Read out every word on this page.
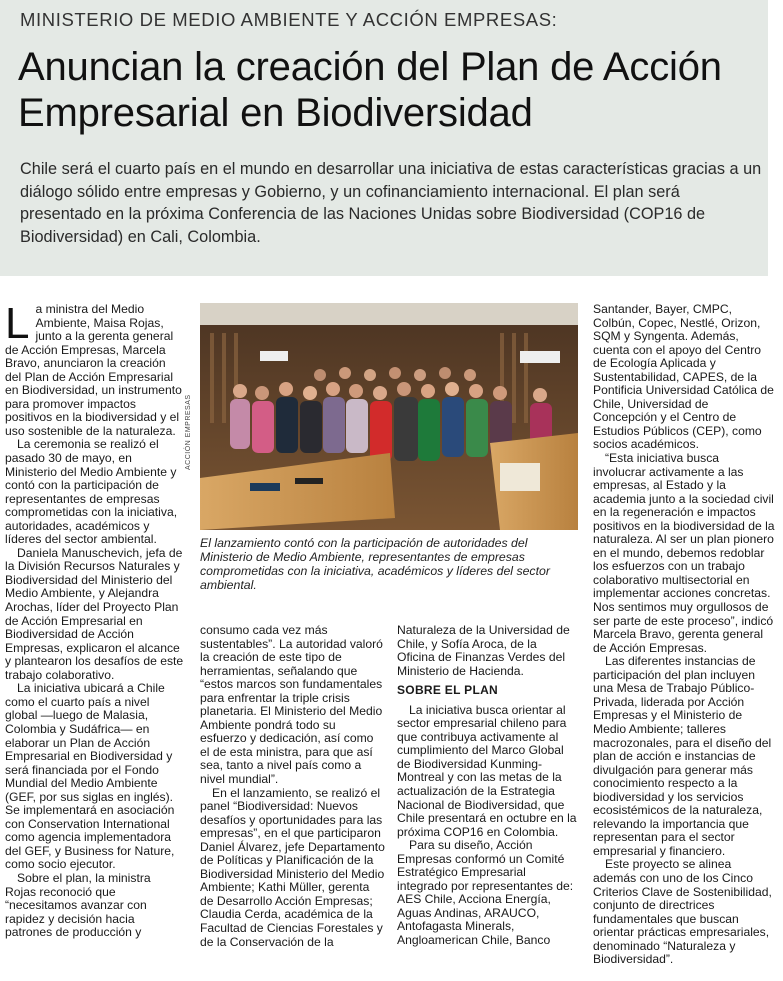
MINISTERIO DE MEDIO AMBIENTE Y ACCIÓN EMPRESAS:
Anuncian la creación del Plan de Acción Empresarial en Biodiversidad
Chile será el cuarto país en el mundo en desarrollar una iniciativa de estas características gracias a un diálogo sólido entre empresas y Gobierno, y un cofinanciamiento internacional. El plan será presentado en la próxima Conferencia de las Naciones Unidas sobre Biodiversidad (COP16 de Biodiversidad) en Cali, Colombia.

La ministra del Medio Ambiente, Maisa Rojas, junto a la gerenta general de Acción Empresas, Marcela Bravo, anunciaron la creación del Plan de Acción Empresarial en Biodiversidad, un instrumento para promover impactos positivos en la biodiversidad y el uso sostenible de la naturaleza.

La ceremonia se realizó el pasado 30 de mayo, en Ministerio del Medio Ambiente y contó con la participación de representantes de empresas comprometidas con la iniciativa, autoridades, académicos y líderes del sector ambiental.

Daniela Manuschevich, jefa de la División Recursos Naturales y Biodiversidad del Ministerio del Medio Ambiente, y Alejandra Arochas, líder del Proyecto Plan de Acción Empresarial en Biodiversidad de Acción Empresas, explicaron el alcance y plantearon los desafíos de este trabajo colaborativo.

La iniciativa ubicará a Chile como el cuarto país a nivel global —luego de Malasia, Colombia y Sudáfrica— en elaborar un Plan de Acción Empresarial en Biodiversidad y será financiada por el Fondo Mundial del Medio Ambiente (GEF, por sus siglas en inglés). Se implementará en asociación con Conservation International como agencia implementadora del GEF, y Business for Nature, como socio ejecutor.

Sobre el plan, la ministra Rojas reconoció que “necesitamos avanzar con rapidez y decisión hacia patrones de producción y

ACCIÓN EMPRESAS
El lanzamiento contó con la participación de autoridades del Ministerio de Medio Ambiente, representantes de empresas comprometidas con la iniciativa, académicos y líderes del sector ambiental.

consumo cada vez más sustentables”. La autoridad valoró la creación de este tipo de herramientas, señalando que “estos marcos son fundamentales para enfrentar la triple crisis planetaria. El Ministerio del Medio Ambiente pondrá todo su esfuerzo y dedicación, así como el de esta ministra, para que así sea, tanto a nivel país como a nivel mundial”.

En el lanzamiento, se realizó el panel “Biodiversidad: Nuevos desafíos y oportunidades para las empresas”, en el que participaron Daniel Álvarez, jefe Departamento de Políticas y Planificación de la Biodiversidad Ministerio del Medio Ambiente; Kathi Müller, gerenta de Desarrollo Acción Empresas; Claudia Cerda, académica de la Facultad de Ciencias Forestales y de la Conservación de la

Naturaleza de la Universidad de Chile, y Sofía Aroca, de la Oficina de Finanzas Verdes del Ministerio de Hacienda.

SOBRE EL PLAN

La iniciativa busca orientar al sector empresarial chileno para que contribuya activamente al cumplimiento del Marco Global de Biodiversidad Kunming-Montreal y con las metas de la actualización de la Estrategia Nacional de Biodiversidad, que Chile presentará en octubre en la próxima COP16 en Colombia.

Para su diseño, Acción Empresas conformó un Comité Estratégico Empresarial integrado por representantes de: AES Chile, Acciona Energía, Aguas Andinas, ARAUCO, Antofagasta Minerals, Angloamerican Chile, Banco

Santander, Bayer, CMPC, Colbún, Copec, Nestlé, Orizon, SQM y Syngenta. Además, cuenta con el apoyo del Centro de Ecología Aplicada y Sustentabilidad, CAPES, de la Pontificia Universidad Católica de Chile, Universidad de Concepción y el Centro de Estudios Públicos (CEP), como socios académicos.

“Esta iniciativa busca involucrar activamente a las empresas, al Estado y la academia junto a la sociedad civil en la regeneración e impactos positivos en la biodiversidad de la naturaleza. Al ser un plan pionero en el mundo, debemos redoblar los esfuerzos con un trabajo colaborativo multisectorial en implementar acciones concretas. Nos sentimos muy orgullosos de ser parte de este proceso”, indicó Marcela Bravo, gerenta general de Acción Empresas.

Las diferentes instancias de participación del plan incluyen una Mesa de Trabajo Público-Privada, liderada por Acción Empresas y el Ministerio de Medio Ambiente; talleres macrozonales, para el diseño del plan de acción e instancias de divulgación para generar más conocimiento respecto a la biodiversidad y los servicios ecosistémicos de la naturaleza, relevando la importancia que representan para el sector empresarial y financiero.

Este proyecto se alinea además con uno de los Cinco Criterios Clave de Sostenibilidad, conjunto de directrices fundamentales que buscan orientar prácticas empresariales, denominado “Naturaleza y Biodiversidad”.
